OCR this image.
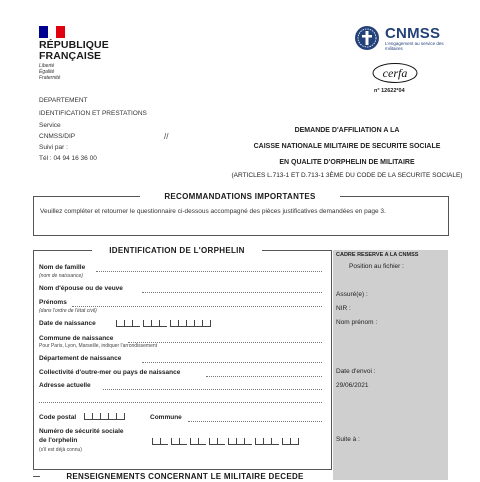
RÉPUBLIQUE
FRANÇAISE
Liberté
Égalité
Fraternité
CNMSS
L'engagement au service des militaires
cerfa
n° 12622*04
DEPARTEMENT
IDENTIFICATION ET PRESTATIONS
Service
CNMSS/DIP
Suivi par :
Tél : 04 94 16 36 00
//
DEMANDE D'AFFILIATION A LA
CAISSE NATIONALE MILITAIRE DE SECURITE SOCIALE
EN QUALITE D'ORPHELIN DE MILITAIRE
(ARTICLES L.713-1 ET D.713-1 3ÈME DU CODE DE LA SECURITE SOCIALE)
RECOMMANDATIONS IMPORTANTES
Veuillez compléter et retourner le questionnaire ci-dessous accompagné des pièces justificatives demandées en page 3.
IDENTIFICATION DE L'ORPHELIN
Nom de famille
(nom de naissance)
Nom d'épouse ou de veuve
Prénoms
(dans l'ordre de l'état civil)
Date de naissance
Commune de naissance
Pour Paris, Lyon, Marseille, indiquer l'arrondissement
Département de naissance
Collectivité d'outre-mer ou pays de naissance
Adresse actuelle
Code postal	Commune
Numéro de sécurité sociale
de l'orphelin
(s'il est déjà connu)
CADRE RESERVE A LA CNMSS
Position au fichier :
Assuré(e) :
NIR :
Nom prénom :
Date d'envoi :
29/06/2021
Suite à :
RENSEIGNEMENTS CONCERNANT LE MILITAIRE DECEDE
